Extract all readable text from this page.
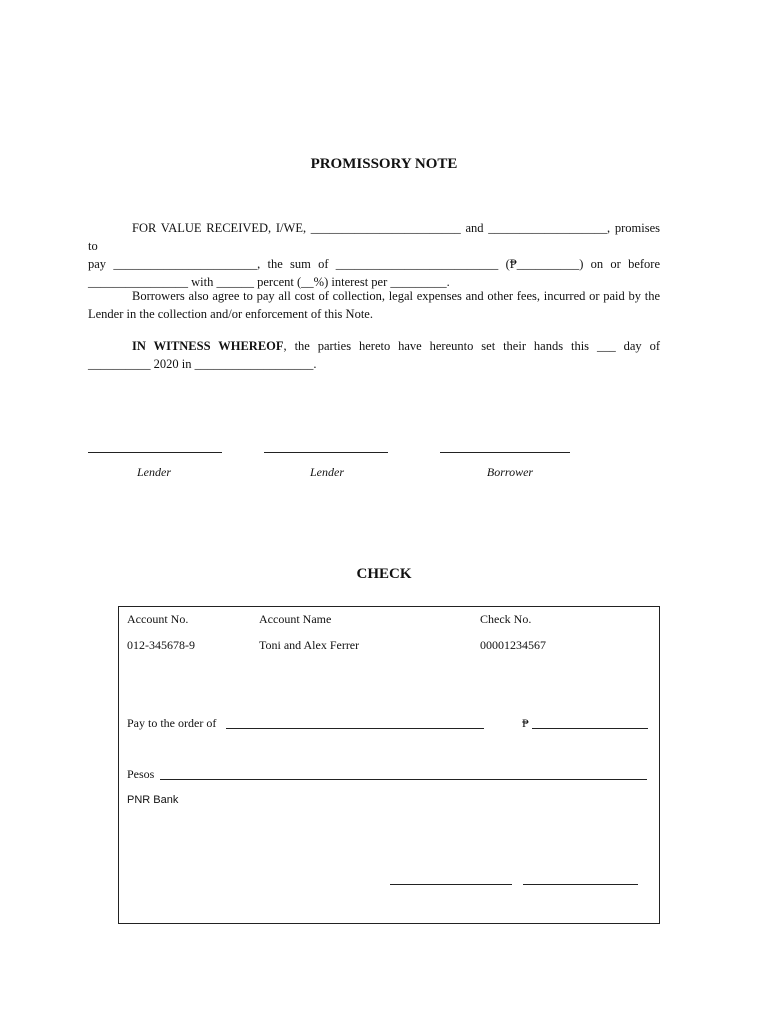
PROMISSORY NOTE
FOR VALUE RECEIVED, I/WE, ________________________ and ___________________, promises to
pay _______________________, the sum of __________________________ (₱__________) on or before
________________ with ______ percent (__%) interest per _________.
Borrowers also agree to pay all cost of collection, legal expenses and other fees, incurred or paid by the Lender in the collection and/or enforcement of this Note.
IN WITNESS WHEREOF, the parties hereto have hereunto set their hands this ___ day of
__________ 2020 in ___________________.
Lender	Lender	Borrower
CHECK
Account No.	Account Name	Check No.
012-345678-9	Toni and Alex Ferrer	00001234567
Pay to the order of	₱
Pesos
PNR Bank
